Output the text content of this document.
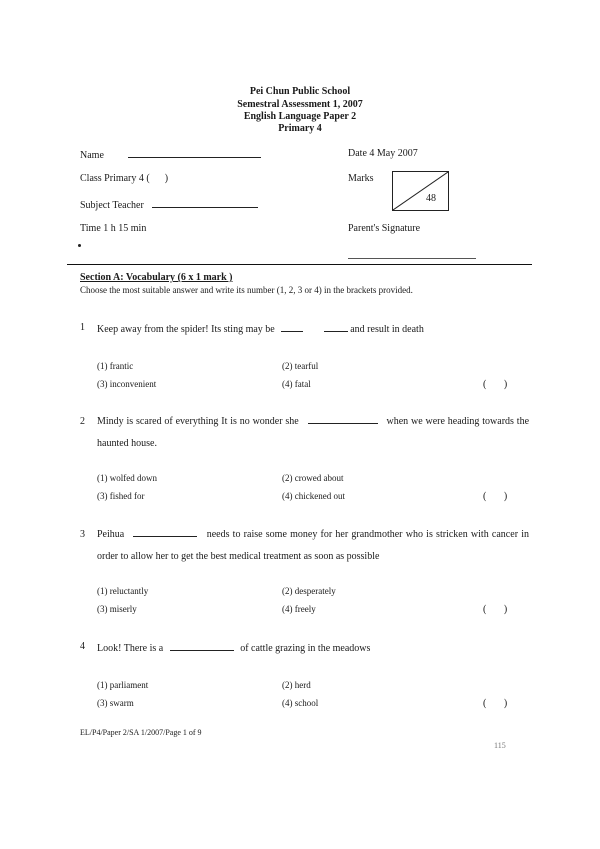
Pei Chun Public School
Semestral Assessment 1, 2007
English Language Paper 2
Primary 4
Name	Date 4 May 2007
Class Primary 4 (      )	Marks
48
Subject Teacher
Time 1 h 15 min	Parent's Signature
Section A: Vocabulary (6 x 1 mark )
Choose the most suitable answer and write its number (1, 2, 3 or 4) in the brackets provided.
1 Keep away from the spider! Its sting may be	and result in death
(1) frantic	(2) tearful
(3) inconvenient	(4) fatal	(       )
2 Mindy is scared of everything It is no wonder she	when we were heading towards the haunted house.
(1) wolfed down	(2) crowed about
(3) fished for	(4) chickened out	(       )
3 Peihua	needs to raise some money for her grandmother who is stricken with cancer in order to allow her to get the best medical treatment as soon as possible
(1) reluctantly	(2) desperately
(3) miserly	(4) freely	(       )
4 Look! There is a	of cattle grazing in the meadows
(1) parliament	(2) herd
(3) swarm	(4) school	(       )
EL/P4/Paper 2/SA 1/2007/Page 1 of 9
115
